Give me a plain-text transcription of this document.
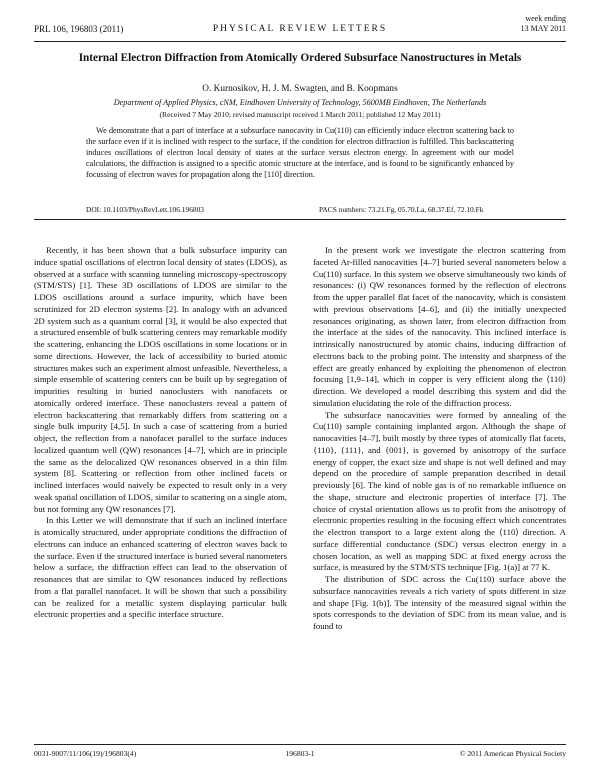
PRL 106, 196803 (2011)	PHYSICAL REVIEW LETTERS
week ending
13 MAY 2011
Internal Electron Diffraction from Atomically Ordered Subsurface Nanostructures in Metals
O. Kurnosikov, H. J. M. Swagten, and B. Koopmans
Department of Applied Physics, cNM, Eindhoven University of Technology, 5600MB Eindhoven, The Netherlands
(Received 7 May 2010; revised manuscript received 1 March 2011; published 12 May 2011)

We demonstrate that a part of interface at a subsurface nanocavity in Cu(110) can efficiently induce electron scattering back to the surface even if it is inclined with respect to the surface, if the condition for electron diffraction is fulfilled. This backscattering induces oscillations of electron local density of states at the surface versus electron energy. In agreement with our model calculations, the diffraction is assigned to a specific atomic structure at the interface, and is found to be significantly enhanced by focussing of electron waves for propagation along the [110] direction.

DOI: 10.1103/PhysRevLett.106.196803	PACS numbers: 73.21.Fg, 05.70.La, 68.37.Ef, 72.10.Fk

Recently, it has been shown that a bulk subsurface impurity can induce spatial oscillations of electron local density of states (LDOS), as observed at a surface with scanning tunneling microscopy-spectroscopy (STM/STS) [1]. These 3D oscillations of LDOS are similar to the LDOS oscillations around a surface impurity, which have been scrutinized for 2D electron systems [2]. In analogy with an advanced 2D system such as a quantum corral [3], it would be also expected that a structured ensemble of bulk scattering centers may remarkable modify the scattering, enhancing the LDOS oscillations in some locations or in some directions. However, the lack of accessibility to buried atomic structures makes such an experiment almost unfeasible. Nevertheless, a simple ensemble of scattering centers can be built up by segregation of impurities resulting in buried nanoclusters with nanofacets or atomically ordered interface. These nanoclusters reveal a pattern of electron backscattering that remarkably differs from scattering on a single bulk impurity [4,5]. In such a case of scattering from a buried object, the reflection from a nanofacet parallel to the surface induces localized quantum well (QW) resonances [4–7], which are in principle the same as the delocalized QW resonances observed in a thin film system [8]. Scattering or reflection from other inclined facets or inclined interfaces would naively be expected to result only in a very weak spatial oscillation of LDOS, similar to scattering on a single atom, but not forming any QW resonances [7].

In this Letter we will demonstrate that if such an inclined interface is atomically structured, under appropriate conditions the diffraction of electrons can induce an enhanced scattering of electron waves back to the surface. Even if the structured interface is buried several nanometers below a surface, the diffraction effect can lead to the observation of resonances that are similar to QW resonances induced by reflections from a flat parallel nanofacet. It will be shown that such a possibility can be realized for a metallic system displaying particular bulk electronic properties and a specific interface structure.

In the present work we investigate the electron scattering from faceted Ar-filled nanocavities [4–7] buried several nanometers below a Cu(110) surface. In this system we observe simultaneously two kinds of resonances: (i) QW resonances formed by the reflection of electrons from the upper parallel flat facet of the nanocavity, which is consistent with previous observations [4–6], and (ii) the initially unexpected resonances originating, as shown later, from electron diffraction from the interface at the sides of the nanocavity. This inclined interface is intrinsically nanostructured by atomic chains, inducing diffraction of electrons back to the probing point. The intensity and sharpness of the effect are greatly enhanced by exploiting the phenomenon of electron focusing [1,9–14], which in copper is very efficient along the ⟨110⟩ direction. We developed a model describing this system and did the simulation elucidating the role of the diffraction process.

The subsurface nanocavities were formed by annealing of the Cu(110) sample containing implanted argon. Although the shape of nanocavities [4–7], built mostly by three types of atomically flat facets, {110}, {111}, and {001}, is governed by anisotropy of the surface energy of copper, the exact size and shape is not well defined and may depend on the procedure of sample preparation described in detail previously [6]. The kind of noble gas is of no remarkable influence on the shape, structure and electronic properties of interface [7]. The choice of crystal orientation allows us to profit from the anisotropy of electronic properties resulting in the focusing effect which concentrates the electron transport to a large extent along the ⟨110⟩ direction. A surface differential conductance (SDC) versus electron energy in a chosen location, as well as mapping SDC at fixed energy across the surface, is measured by the STM/STS technique [Fig. 1(a)] at 77 K.

The distribution of SDC across the Cu(110) surface above the subsurface nanocavities reveals a rich variety of spots different in size and shape [Fig. 1(b)]. The intensity of the measured signal within the spots corresponds to the deviation of SDC from its mean value, and is found to

0031-9007/11/106(19)/196803(4)	196803-1	© 2011 American Physical Society
